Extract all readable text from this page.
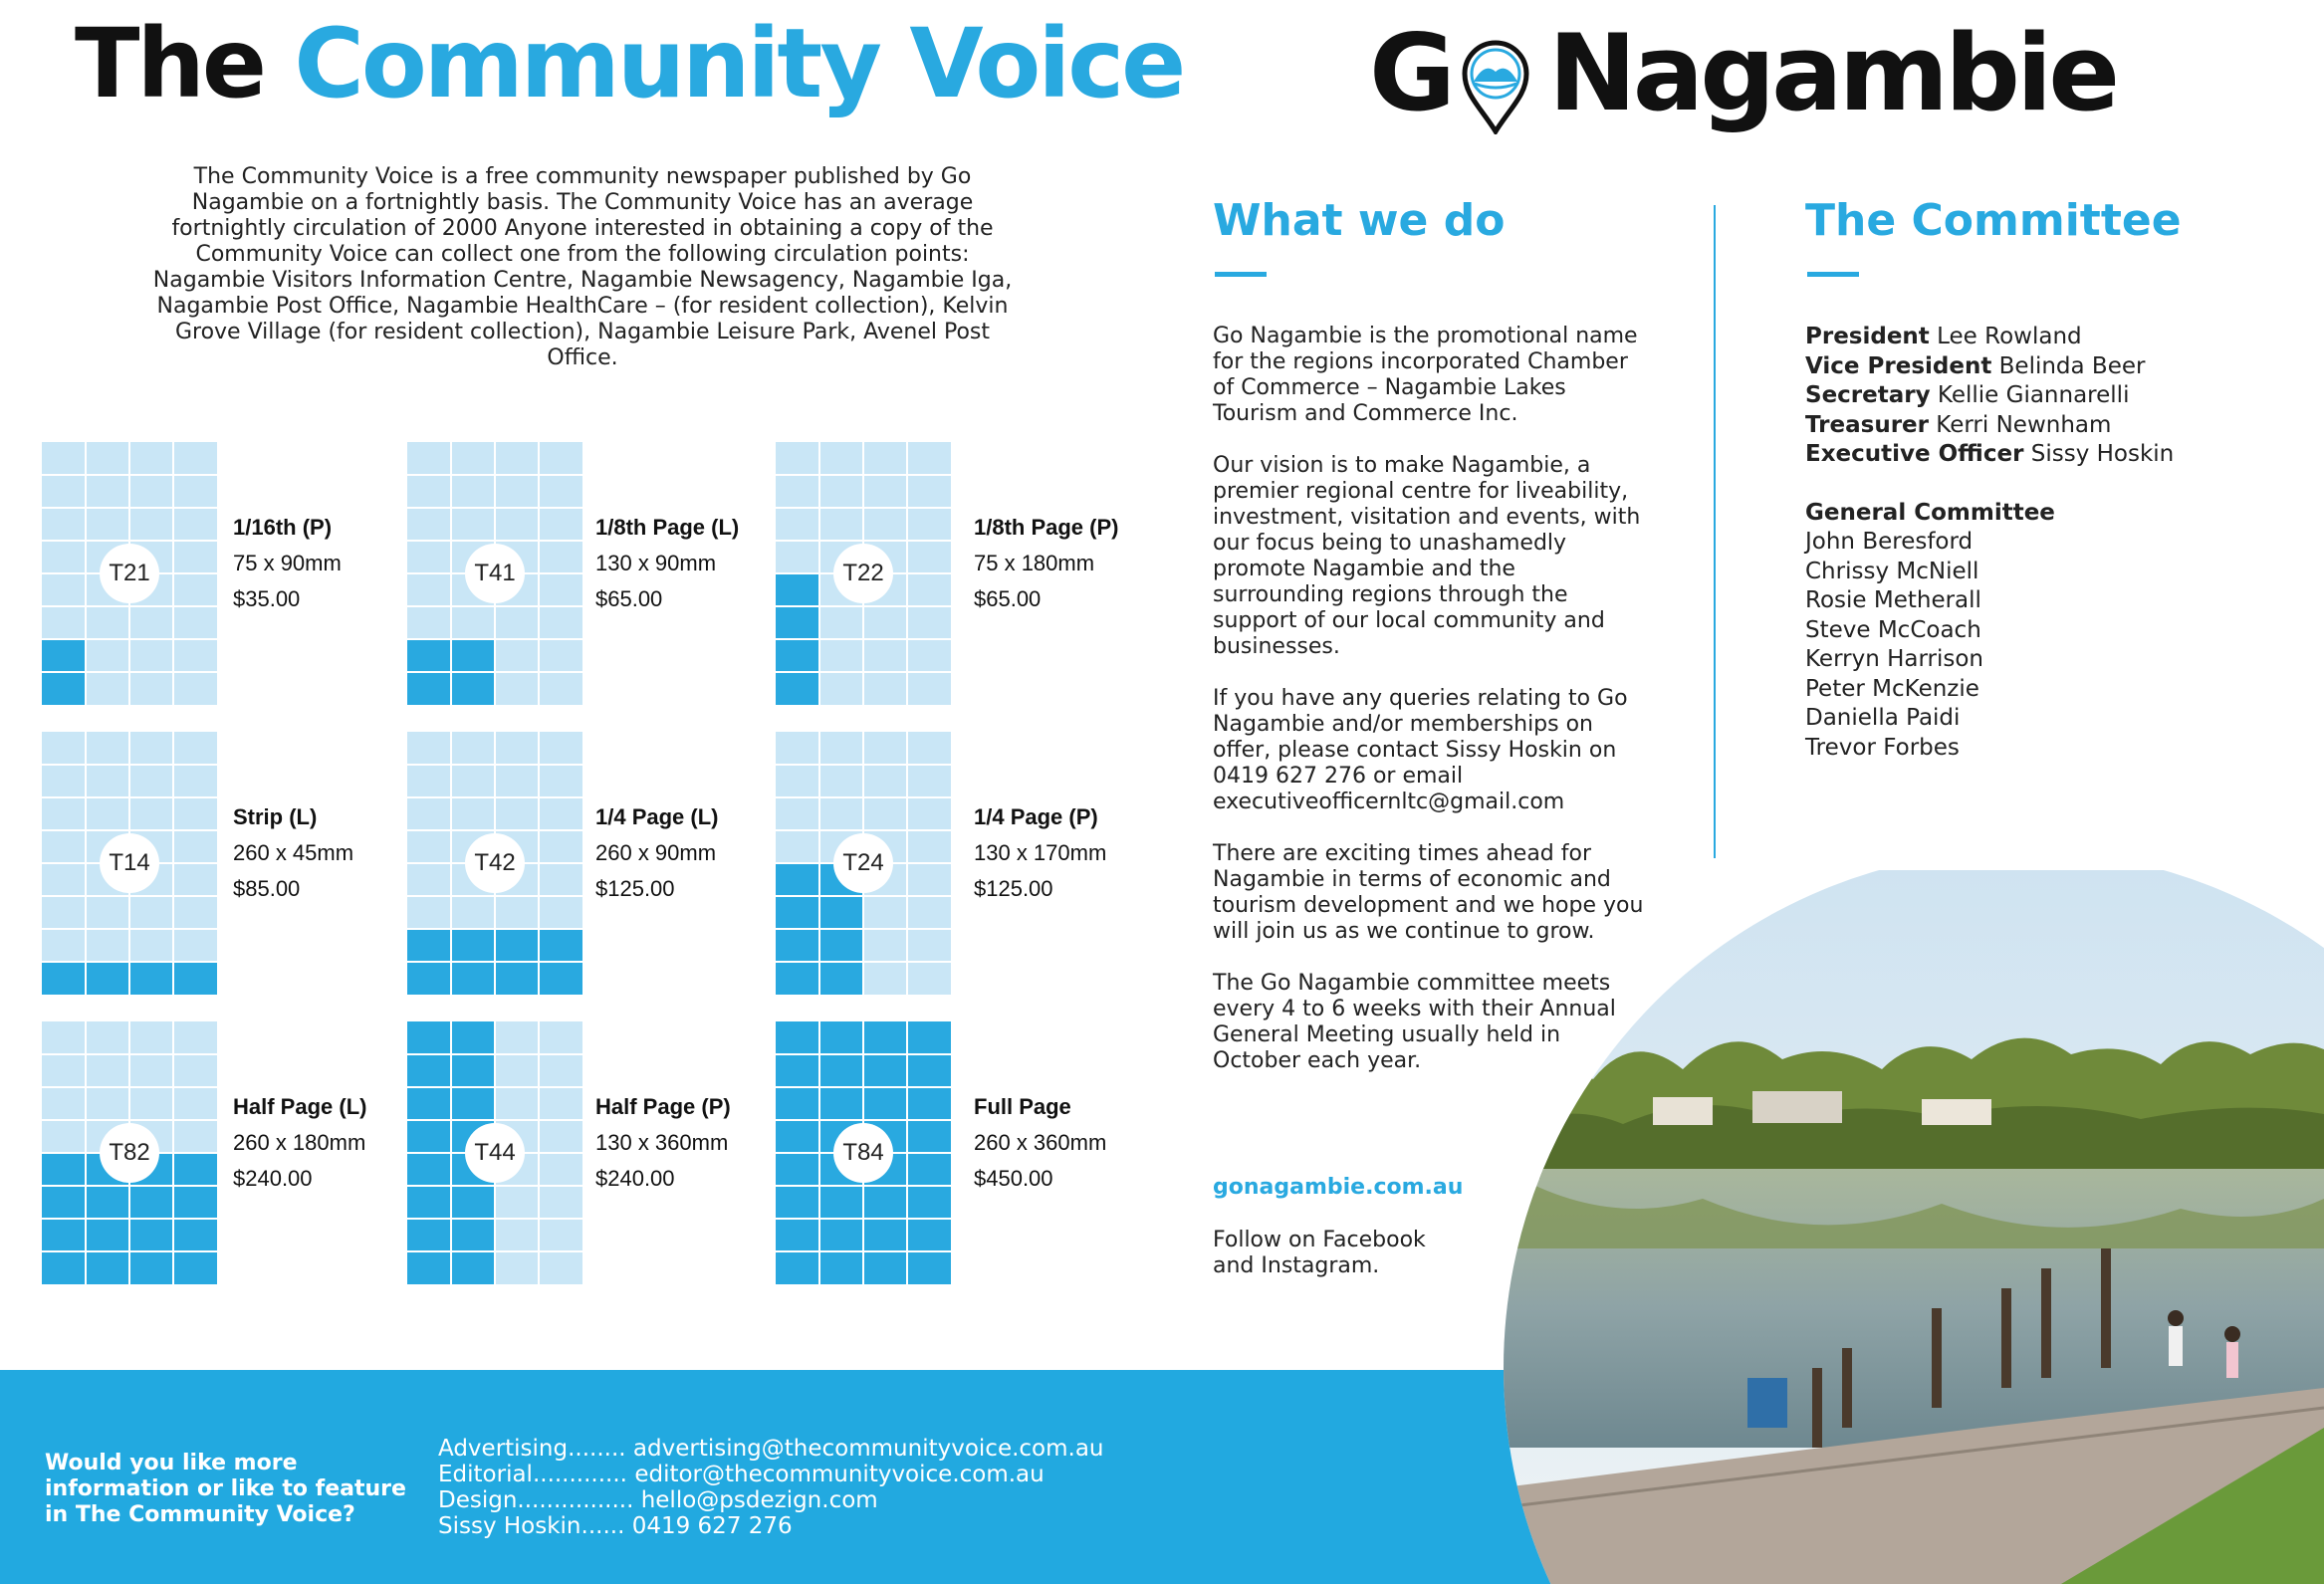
The Community Voice G Nagambie
The Community Voice is a free community newspaper published by Go Nagambie on a fortnightly basis. The Community Voice has an average fortnightly circulation of 2000 Anyone interested in obtaining a copy of the Community Voice can collect one from the following circulation points: Nagambie Visitors Information Centre, Nagambie Newsagency, Nagambie Iga, Nagambie Post Office, Nagambie HealthCare – (for resident collection), Kelvin Grove Village (for resident collection), Nagambie Leisure Park, Avenel Post Office.
T21
1/16th (P)
75 x 90mm
$35.00
T41
1/8th Page (L)
130 x 90mm
$65.00
T22
1/8th Page (P)
75 x 180mm
$65.00
T14
Strip (L)
260 x 45mm
$85.00
T42
1/4 Page (L)
260 x 90mm
$125.00
T24
1/4 Page (P)
130 x 170mm
$125.00
T82
Half Page (L)
260 x 180mm
$240.00
T44
Half Page (P)
130 x 360mm
$240.00
T84
Full Page
260 x 360mm
$450.00
What we do

Go Nagambie is the promotional name for the regions incorporated Chamber of Commerce – Nagambie Lakes Tourism and Commerce Inc.

Our vision is to make Nagambie, a premier regional centre for liveability, investment, visitation and events, with our focus being to unashamedly promote Nagambie and the surrounding regions through the support of our local community and businesses.

If you have any queries relating to Go Nagambie and/or memberships on offer, please contact Sissy Hoskin on 0419 627 276 or email executiveofficernltc@gmail.com

There are exciting times ahead for Nagambie in terms of economic and tourism development and we hope you will join us as we continue to grow.

The Go Nagambie committee meets every 4 to 6 weeks with their Annual General Meeting usually held in October each year.

gonagambie.com.au
Follow on Facebook and Instagram.
The Committee
President Lee Rowland
Vice President Belinda Beer
Secretary Kellie Giannarelli
Treasurer Kerri Newnham
Executive Officer Sissy Hoskin
General Committee
John Beresford
Chrissy McNiell
Rosie Metherall
Steve McCoach
Kerryn Harrison
Peter McKenzie
Daniella Paidi
Trevor Forbes
Would you like more information or like to feature in The Community Voice?
Advertising........ advertising@thecommunityvoice.com.au
Editorial............. editor@thecommunityvoice.com.au
Design................ hello@psdezign.com
Sissy Hoskin...... 0419 627 276
